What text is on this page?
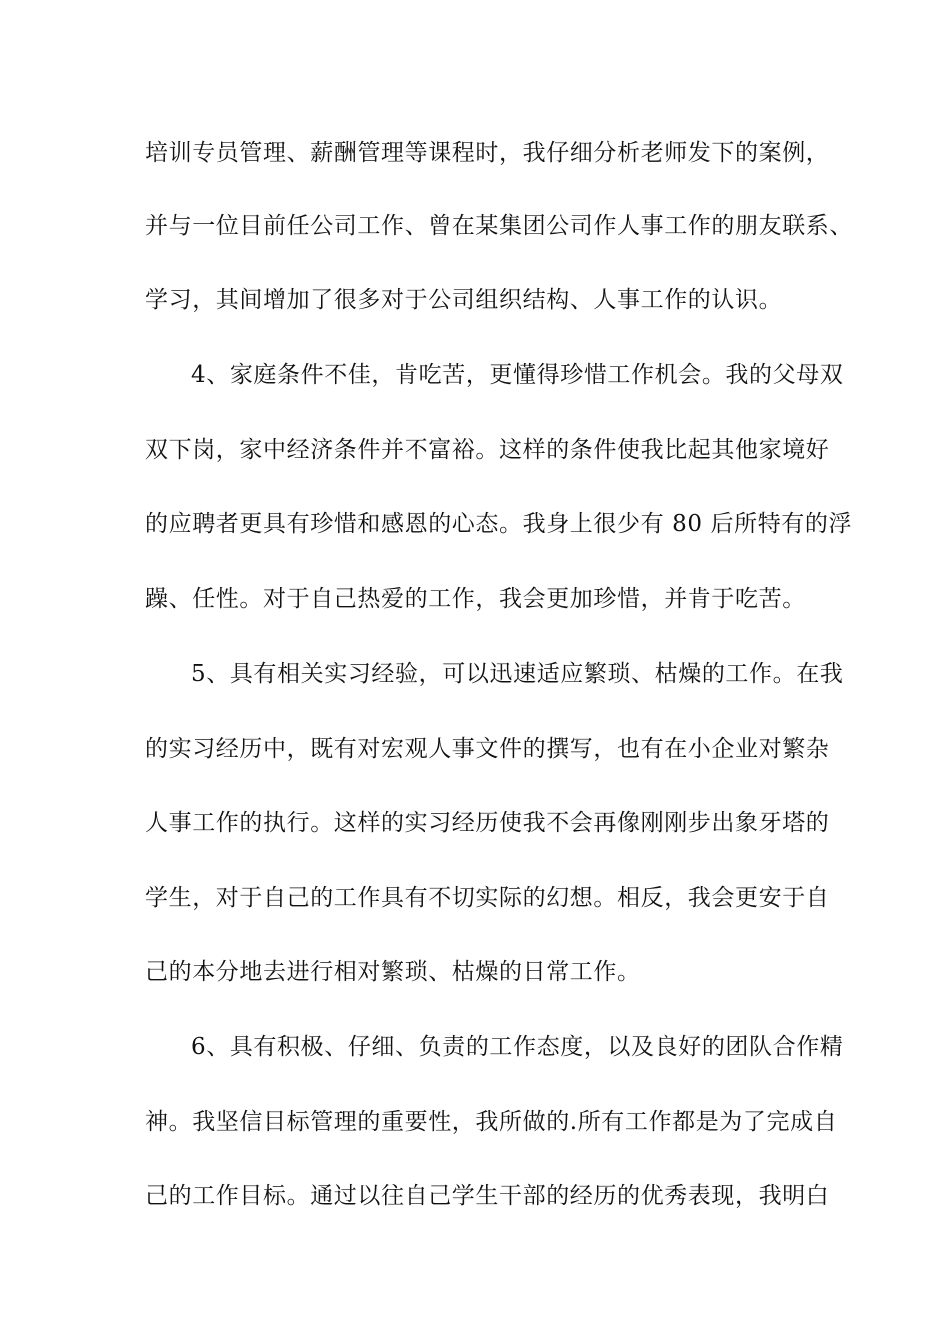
培训专员管理、薪酬管理等课程时，我仔细分析老师发下的案例，
并与一位目前任公司工作、曾在某集团公司作人事工作的朋友联系、
学习，其间增加了很多对于公司组织结构、人事工作的认识。
4、家庭条件不佳，肯吃苦，更懂得珍惜工作机会。我的父母双
双下岗，家中经济条件并不富裕。这样的条件使我比起其他家境好
的应聘者更具有珍惜和感恩的心态。我身上很少有 80 后所特有的浮
躁、任性。对于自己热爱的工作，我会更加珍惜，并肯于吃苦。
5、具有相关实习经验，可以迅速适应繁琐、枯燥的工作。在我
的实习经历中，既有对宏观人事文件的撰写，也有在小企业对繁杂
人事工作的执行。这样的实习经历使我不会再像刚刚步出象牙塔的
学生，对于自己的工作具有不切实际的幻想。相反，我会更安于自
己的本分地去进行相对繁琐、枯燥的日常工作。
6、具有积极、仔细、负责的工作态度，以及良好的团队合作精
神。我坚信目标管理的重要性，我所做的.所有工作都是为了完成自
己的工作目标。通过以往自己学生干部的经历的优秀表现，我明白
